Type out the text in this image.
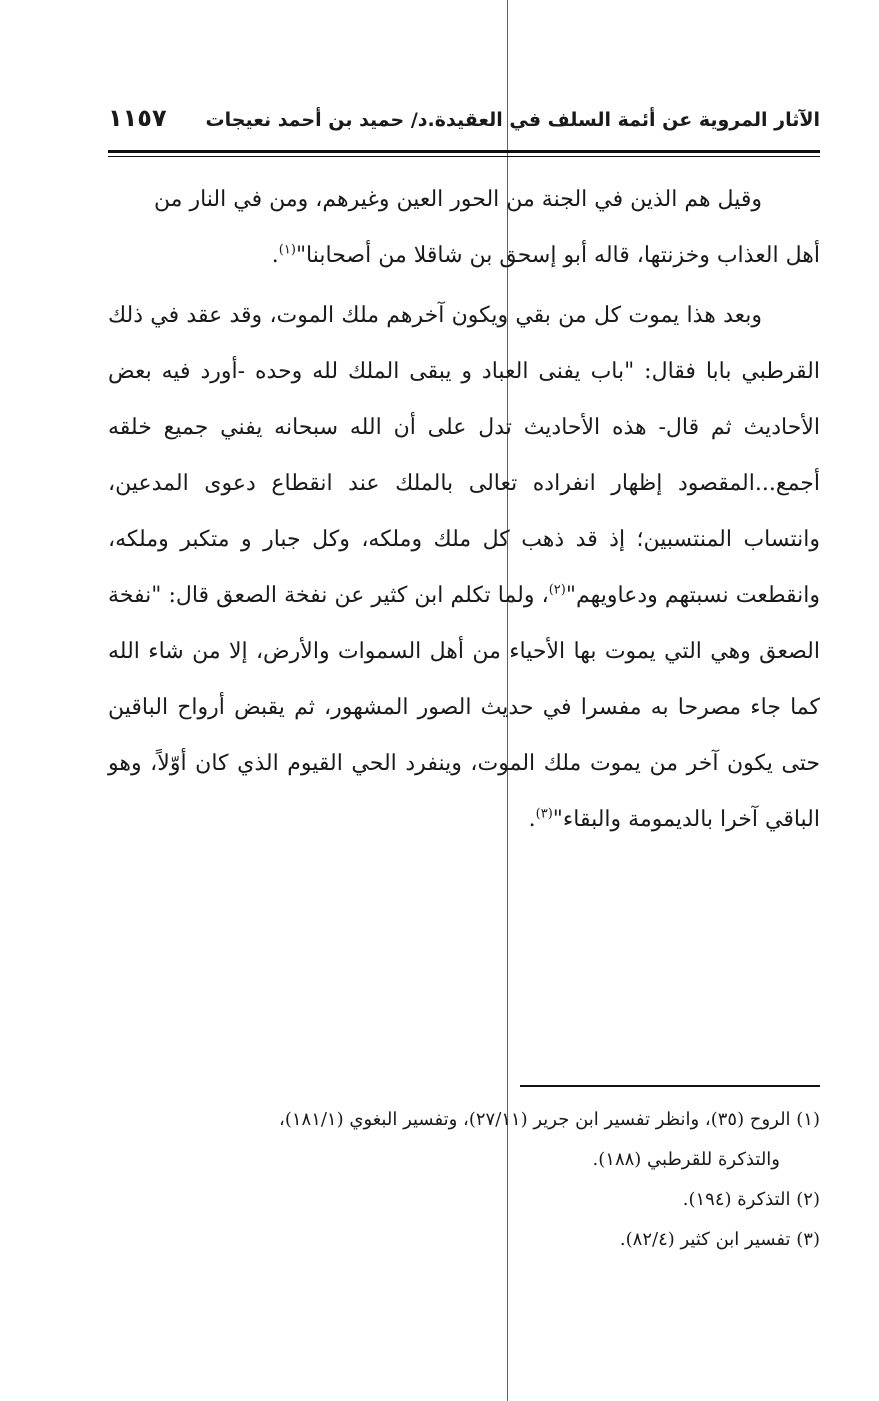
الآثار المروية عن أئمة السلف في العقيدة.د/ حميد بن أحمد نعيجات
١١٥٧

وقيل هم الذين في الجنة من الحور العين وغيرهم، ومن في النار من
أهل العذاب وخزنتها، قاله أبو إسحق بن شاقلا من أصحابنا"$^{(١)}$.

وبعد هذا يموت كل من بقي ويكون آخرهم ملك الموت، وقد عقد في ذلك القرطبي بابا فقال: "باب يفنى العباد و يبقى الملك لله وحده -أورد فيه بعض الأحاديث ثم قال- هذه الأحاديث تدل على أن الله سبحانه يفني جميع خلقه أجمع...المقصود إظهار انفراده تعالى بالملك عند انقطاع دعوى المدعين، وانتساب المنتسبين؛ إذ قد ذهب كل ملك وملكه، وكل جبار و متكبر وملكه، وانقطعت نسبتهم ودعاويهم"$^{(٢)}$، ولما تكلم ابن كثير عن نفخة الصعق قال: "نفخة الصعق وهي التي يموت بها الأحياء من أهل السموات والأرض، إلا من شاء الله كما جاء مصرحا به مفسرا في حديث الصور المشهور، ثم يقبض أرواح الباقين حتى يكون آخر من يموت ملك الموت، وينفرد الحي القيوم الذي كان أوّلاً، وهو الباقي آخرا بالديمومة والبقاء"$^{(٣)}$.

(١) الروح (٣٥)، وانظر تفسير ابن جرير (٢٧/١١)، وتفسير البغوي (١٨١/١)،
والتذكرة للقرطبي (١٨٨).

(٢) التذكرة (١٩٤).

(٣) تفسير ابن كثير (٨٢/٤).
